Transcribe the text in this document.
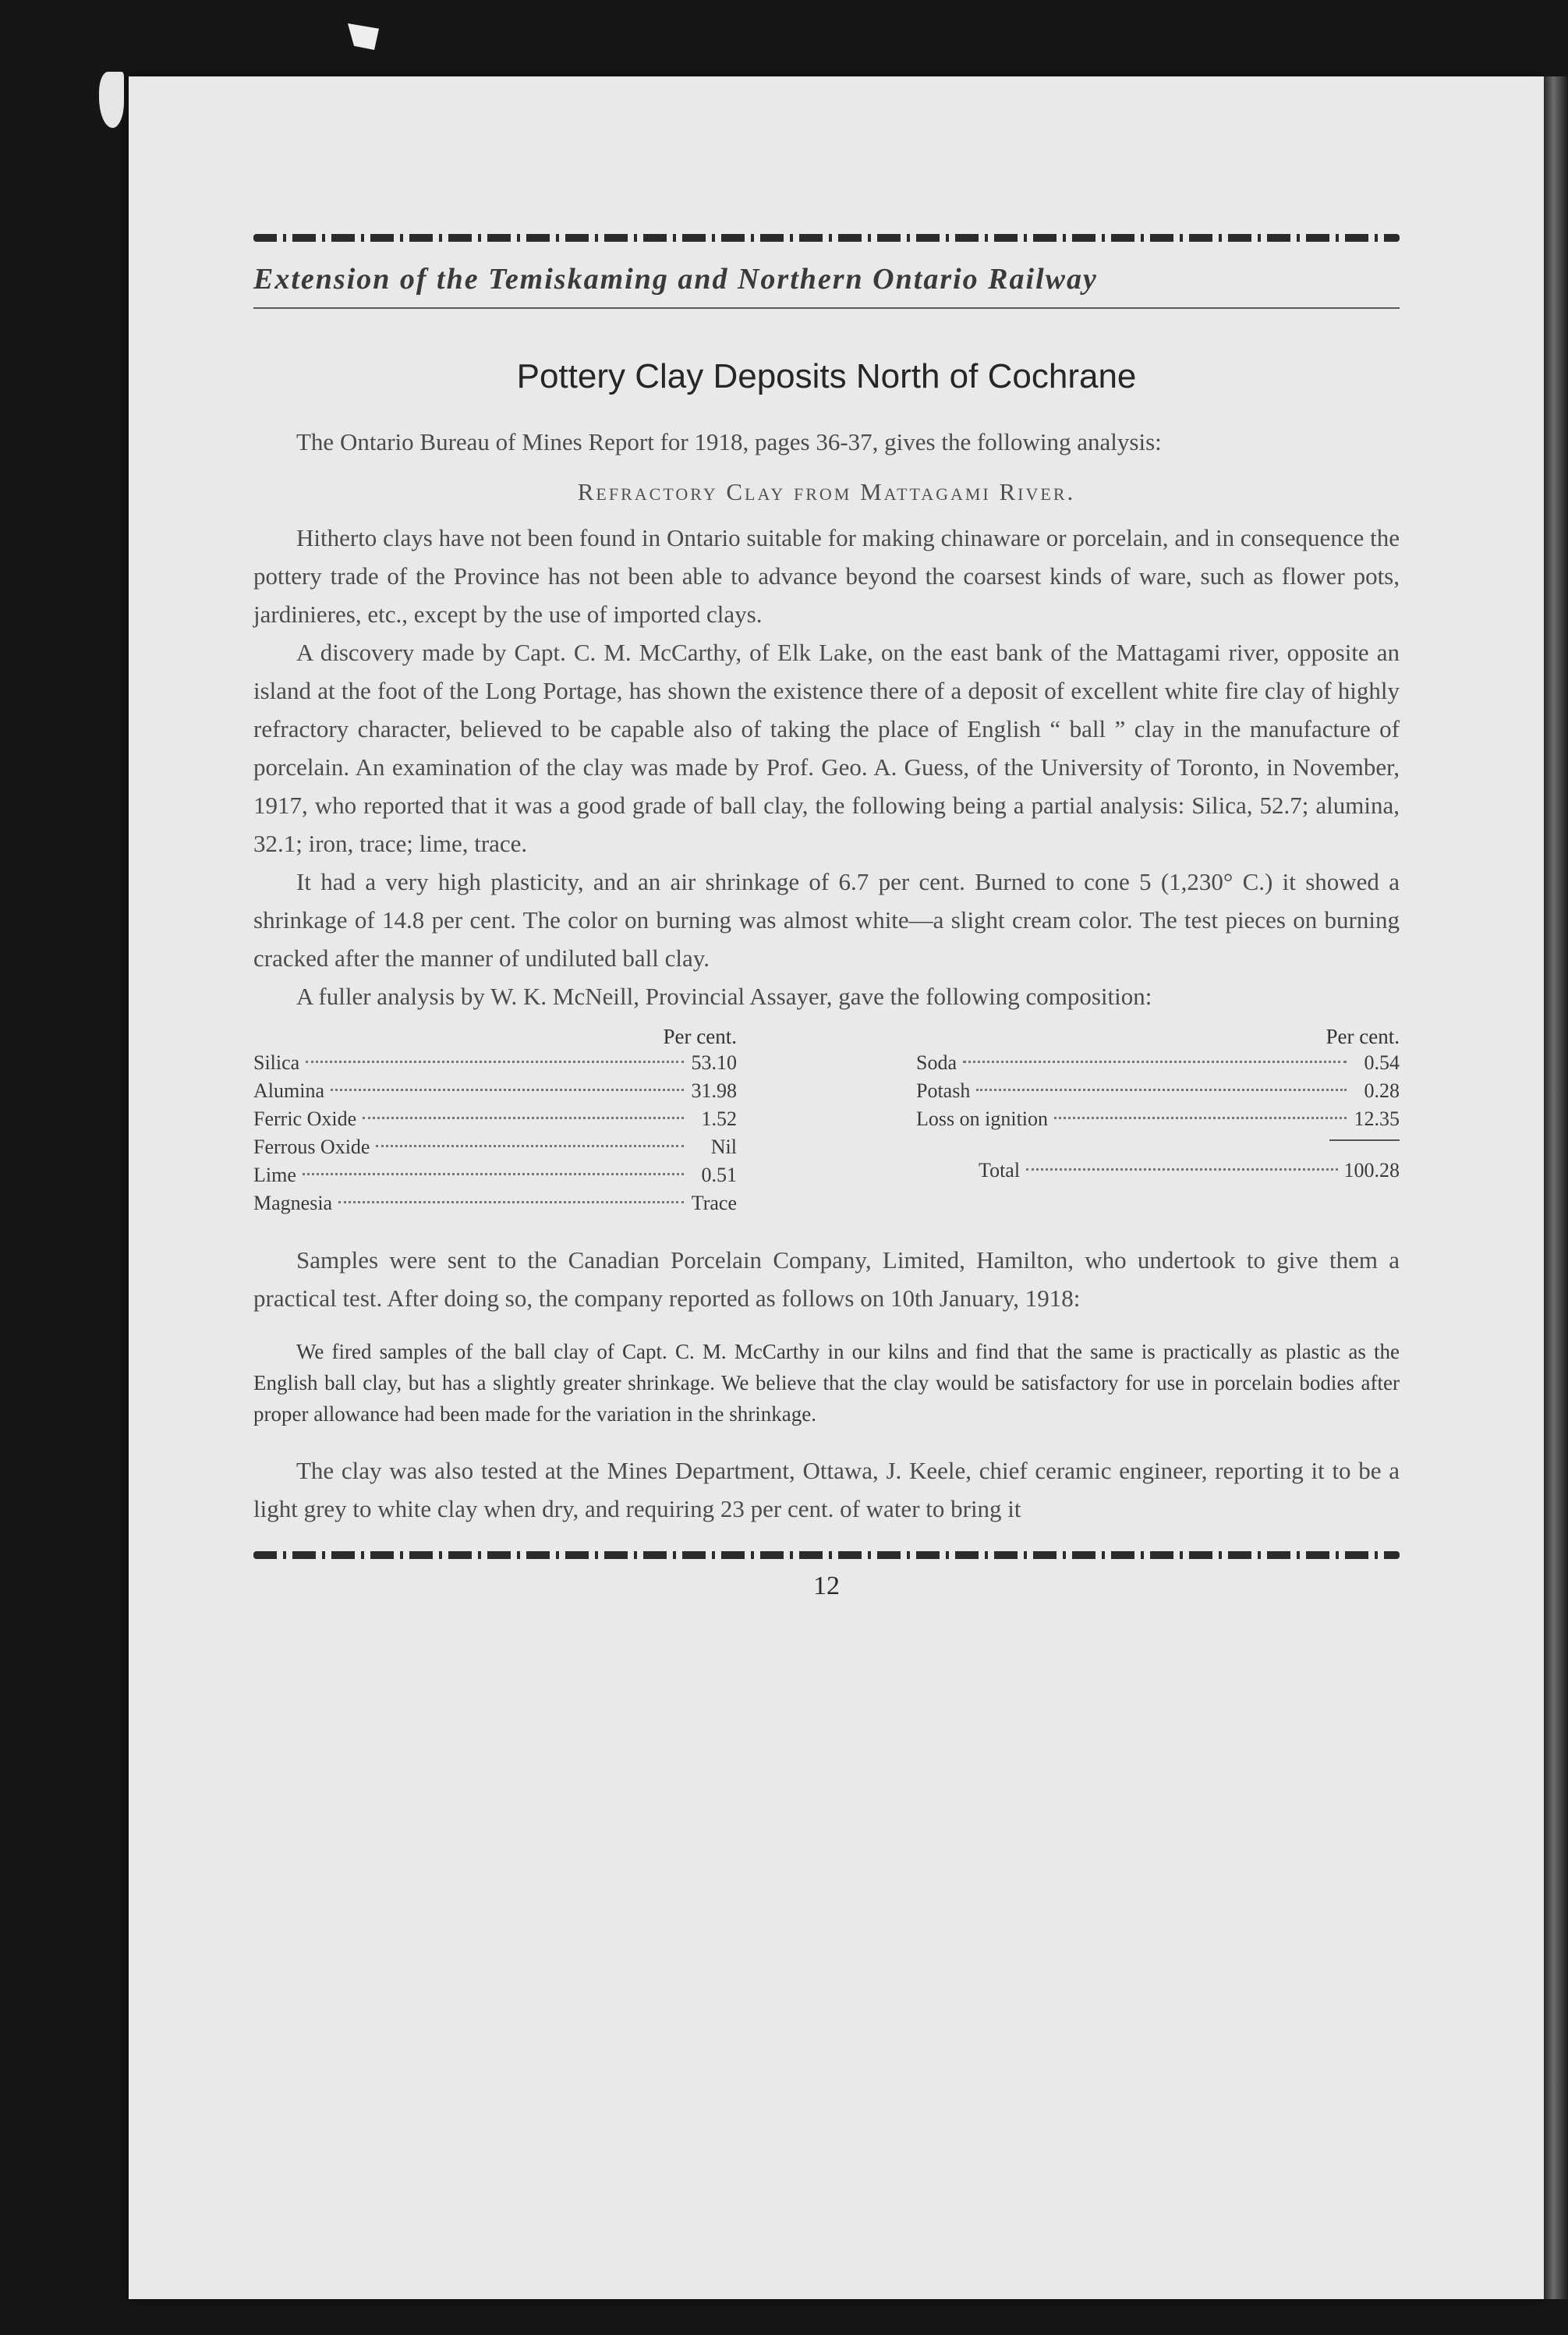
Extension of the Temiskaming and Northern Ontario Railway
Pottery Clay Deposits North of Cochrane

The Ontario Bureau of Mines Report for 1918, pages 36-37, gives the following analysis:

Refractory Clay from Mattagami River.

Hitherto clays have not been found in Ontario suitable for making chinaware or porcelain, and in consequence the pottery trade of the Province has not been able to advance beyond the coarsest kinds of ware, such as flower pots, jardinieres, etc., except by the use of imported clays.

A discovery made by Capt. C. M. McCarthy, of Elk Lake, on the east bank of the Mattagami river, opposite an island at the foot of the Long Portage, has shown the existence there of a deposit of excellent white fire clay of highly refractory character, believed to be capable also of taking the place of English “ ball ” clay in the manufacture of porcelain. An examination of the clay was made by Prof. Geo. A. Guess, of the University of Toronto, in November, 1917, who reported that it was a good grade of ball clay, the following being a partial analysis: Silica, 52.7; alumina, 32.1; iron, trace; lime, trace.

It had a very high plasticity, and an air shrinkage of 6.7 per cent. Burned to cone 5 (1,230° C.) it showed a shrinkage of 14.8 per cent. The color on burning was almost white—a slight cream color. The test pieces on burning cracked after the manner of undiluted ball clay.

A fuller analysis by W. K. McNeill, Provincial Assayer, gave the following composition:

Per cent.
Silica	53.10
Alumina	31.98
Ferric Oxide	1.52
Ferrous Oxide	Nil
Lime	0.51
Magnesia	Trace
Per cent.
Soda	0.54
Potash	0.28
Loss on ignition	12.35
Total	100.28

Samples were sent to the Canadian Porcelain Company, Limited, Hamilton, who undertook to give them a practical test. After doing so, the company reported as follows on 10th January, 1918:

We fired samples of the ball clay of Capt. C. M. McCarthy in our kilns and find that the same is practically as plastic as the English ball clay, but has a slightly greater shrinkage. We believe that the clay would be satisfactory for use in porcelain bodies after proper allowance had been made for the variation in the shrinkage.

The clay was also tested at the Mines Department, Ottawa, J. Keele, chief ceramic engineer, reporting it to be a light grey to white clay when dry, and requiring 23 per cent. of water to bring it

12
